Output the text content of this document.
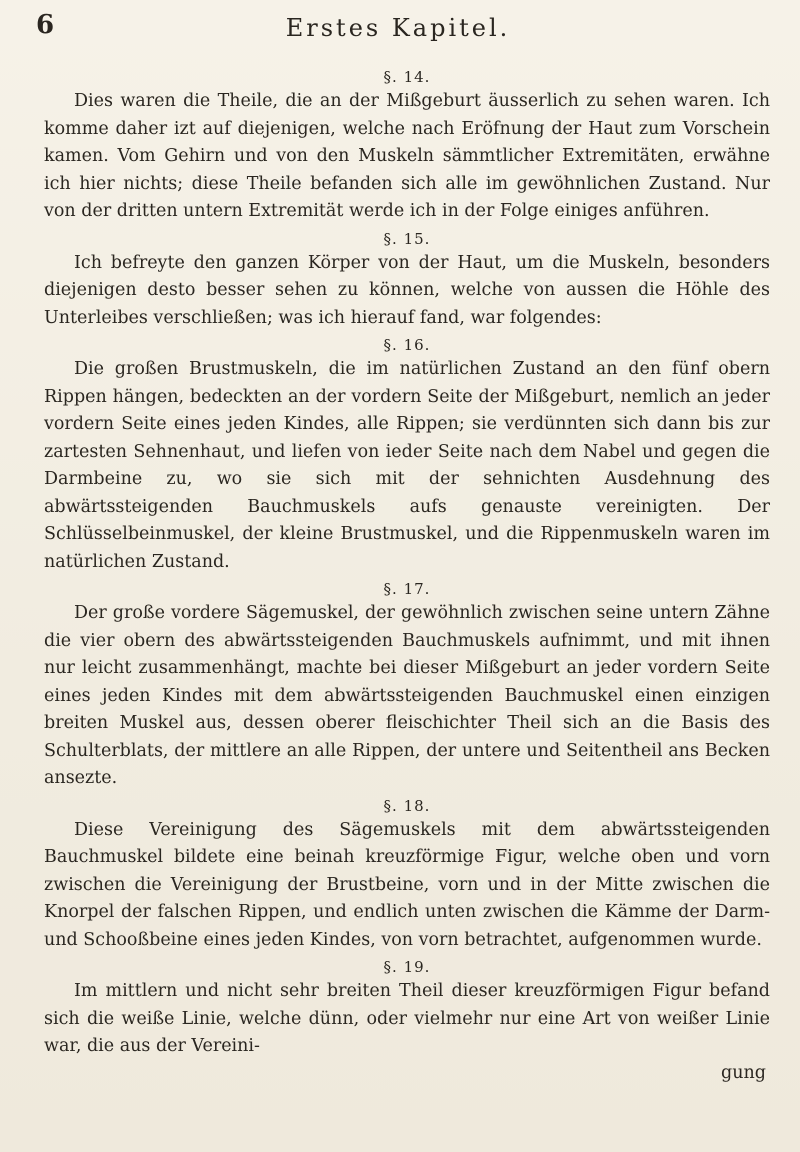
6	Erstes Kapitel.
§. 14.

Dies waren die Theile, die an der Mißgeburt äusserlich zu sehen waren. Ich komme daher izt auf diejenigen, welche nach Eröfnung der Haut zum Vorschein kamen. Vom Gehirn und von den Muskeln sämmtlicher Extremitäten, erwähne ich hier nichts; diese Theile befanden sich alle im gewöhnlichen Zustand. Nur von der dritten untern Extremität werde ich in der Folge einiges anführen.

§. 15.

Ich befreyte den ganzen Körper von der Haut, um die Muskeln, besonders diejenigen desto besser sehen zu können, welche von aussen die Höhle des Unterleibes verschließen; was ich hierauf fand, war folgendes:

§. 16.

Die großen Brustmuskeln, die im natürlichen Zustand an den fünf obern Rippen hängen, bedeckten an der vordern Seite der Mißgeburt, nemlich an jeder vordern Seite eines jeden Kindes, alle Rippen; sie verdünnten sich dann bis zur zartesten Sehnenhaut, und liefen von ieder Seite nach dem Nabel und gegen die Darmbeine zu, wo sie sich mit der sehnichten Ausdehnung des abwärtssteigenden Bauchmuskels aufs genauste vereinigten. Der Schlüsselbeinmuskel, der kleine Brustmuskel, und die Rippenmuskeln waren im natürlichen Zustand.

§. 17.

Der große vordere Sägemuskel, der gewöhnlich zwischen seine untern Zähne die vier obern des abwärtssteigenden Bauchmuskels aufnimmt, und mit ihnen nur leicht zusammenhängt, machte bei dieser Mißgeburt an jeder vordern Seite eines jeden Kindes mit dem abwärtssteigenden Bauchmuskel einen einzigen breiten Muskel aus, dessen oberer fleischichter Theil sich an die Basis des Schulterblats, der mittlere an alle Rippen, der untere und Seitentheil ans Becken ansezte.

§. 18.

Diese Vereinigung des Sägemuskels mit dem abwärtssteigenden Bauchmuskel bildete eine beinah kreuzförmige Figur, welche oben und vorn zwischen die Vereinigung der Brustbeine, vorn und in der Mitte zwischen die Knorpel der falschen Rippen, und endlich unten zwischen die Kämme der Darm- und Schooßbeine eines jeden Kindes, von vorn betrachtet, aufgenommen wurde.

§. 19.

Im mittlern und nicht sehr breiten Theil dieser kreuzförmigen Figur befand sich die weiße Linie, welche dünn, oder vielmehr nur eine Art von weißer Linie war, die aus der Vereini-

gung
